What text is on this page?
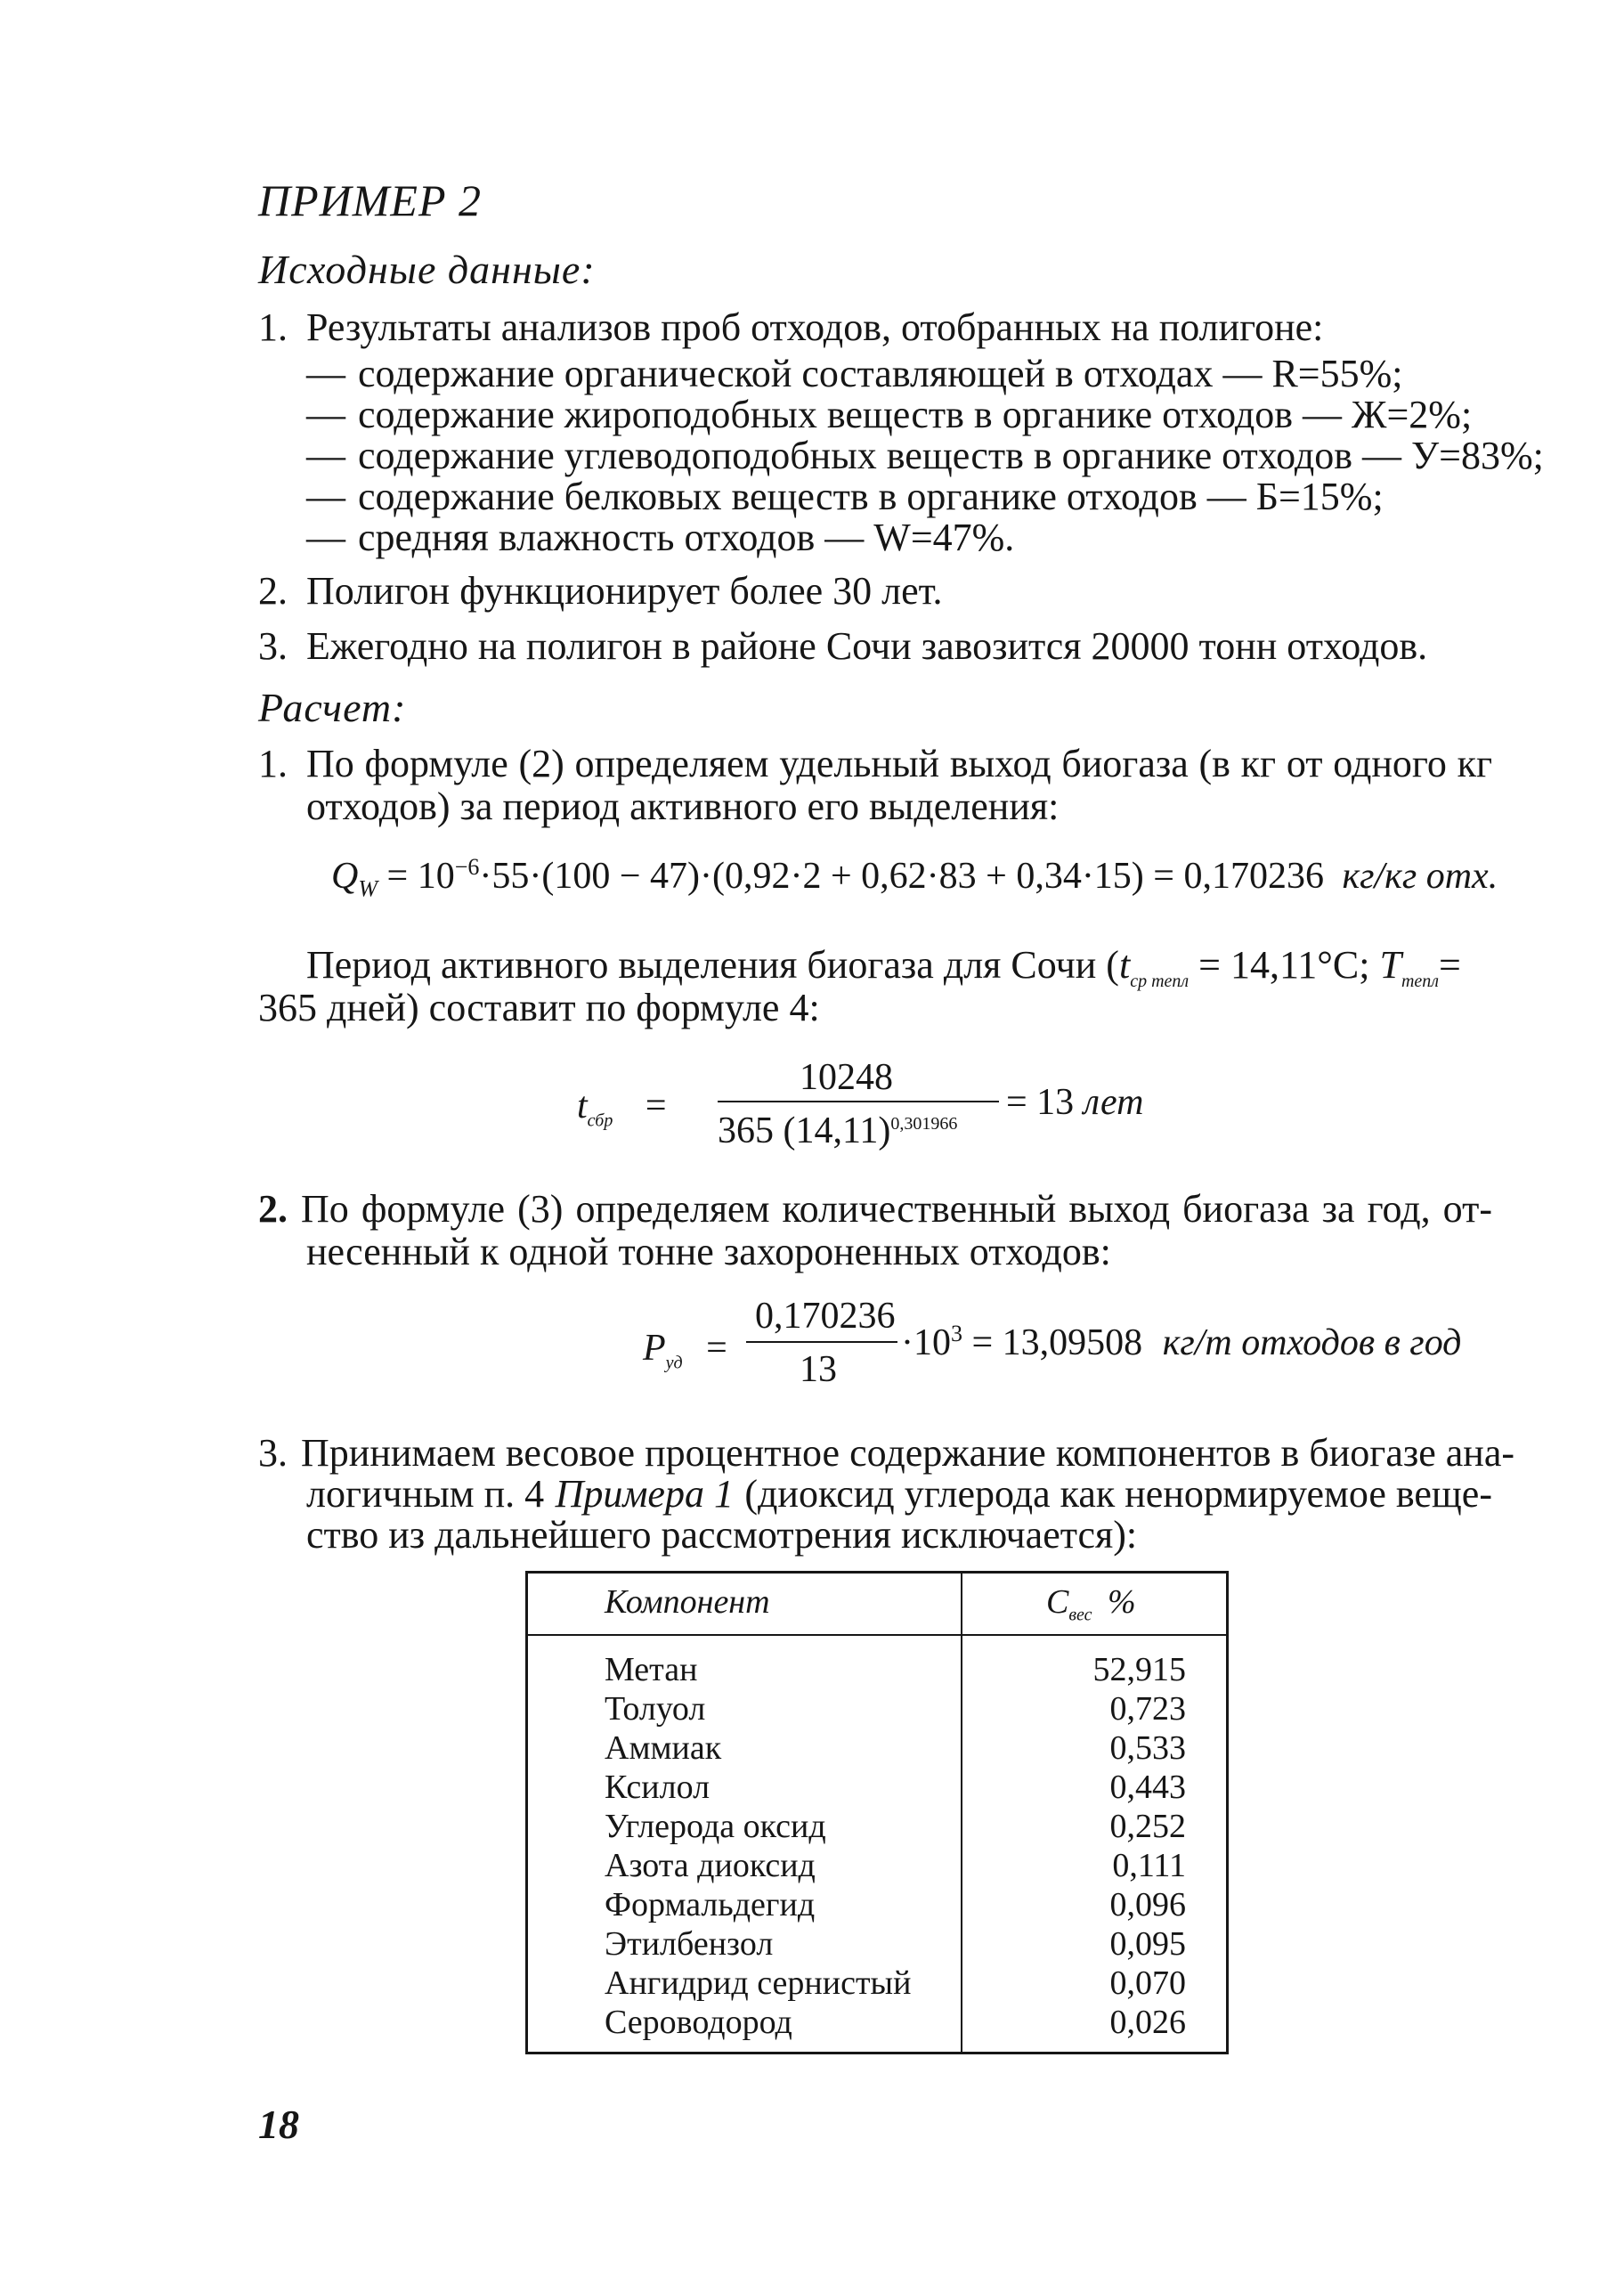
ПРИМЕР 2
Исходные данные:
1. Результаты анализов проб отходов, отобранных на полигоне:
— содержание органической составляющей в отходах — R=55%;
— содержание жироподобных веществ в органике отходов — Ж=2%;
— содержание углеводоподобных веществ в органике отходов — У=83%;
— содержание белковых веществ в органике отходов — Б=15%;
— средняя влажность отходов — W=47%.
2. Полигон функционирует более 30 лет.
3. Ежегодно на полигон в районе Сочи завозится 20000 тонн отходов.
Расчет:
1. По формуле (2) определяем удельный выход биогаза (в кг от одного кг
отходов) за период активного его выделения:
$Q_W = 10^{-6}\cdot 55\cdot(100 - 47)\cdot(0,92\cdot 2 + 0,62\cdot 83 + 0,34\cdot 15) = 0,170236$ кг/кг отх.
Период активного выделения биогаза для Сочи ($t_{ср тепл} = 14,11^\circ C$; $T_{тепл}=$
365 дней) составит по формуле 4:
$t_{сбр}$ =
10248
365 $(14,11)^{0,301966}$
= 13 лет
2. По формуле (3) определяем количественный выход биогаза за год, от-
несенный к одной тонне захороненных отходов:
$P_{уд}$ =
0,170236
13
$\cdot 10^3 = 13,09508$ кг/т отходов в год
3. Принимаем весовое процентное содержание компонентов в биогазе ана-
логичным п. 4 Примера 1 (диоксид углерода как ненормируемое веще-
ство из дальнейшего рассмотрения исключается):
Компонент	$C_{вес}$ %
Метан	52,915
Толуол	0,723
Аммиак	0,533
Ксилол	0,443
Углерода оксид	0,252
Азота диоксид	0,111
Формальдегид	0,096
Этилбензол	0,095
Ангидрид сернистый	0,070
Сероводород	0,026
18
